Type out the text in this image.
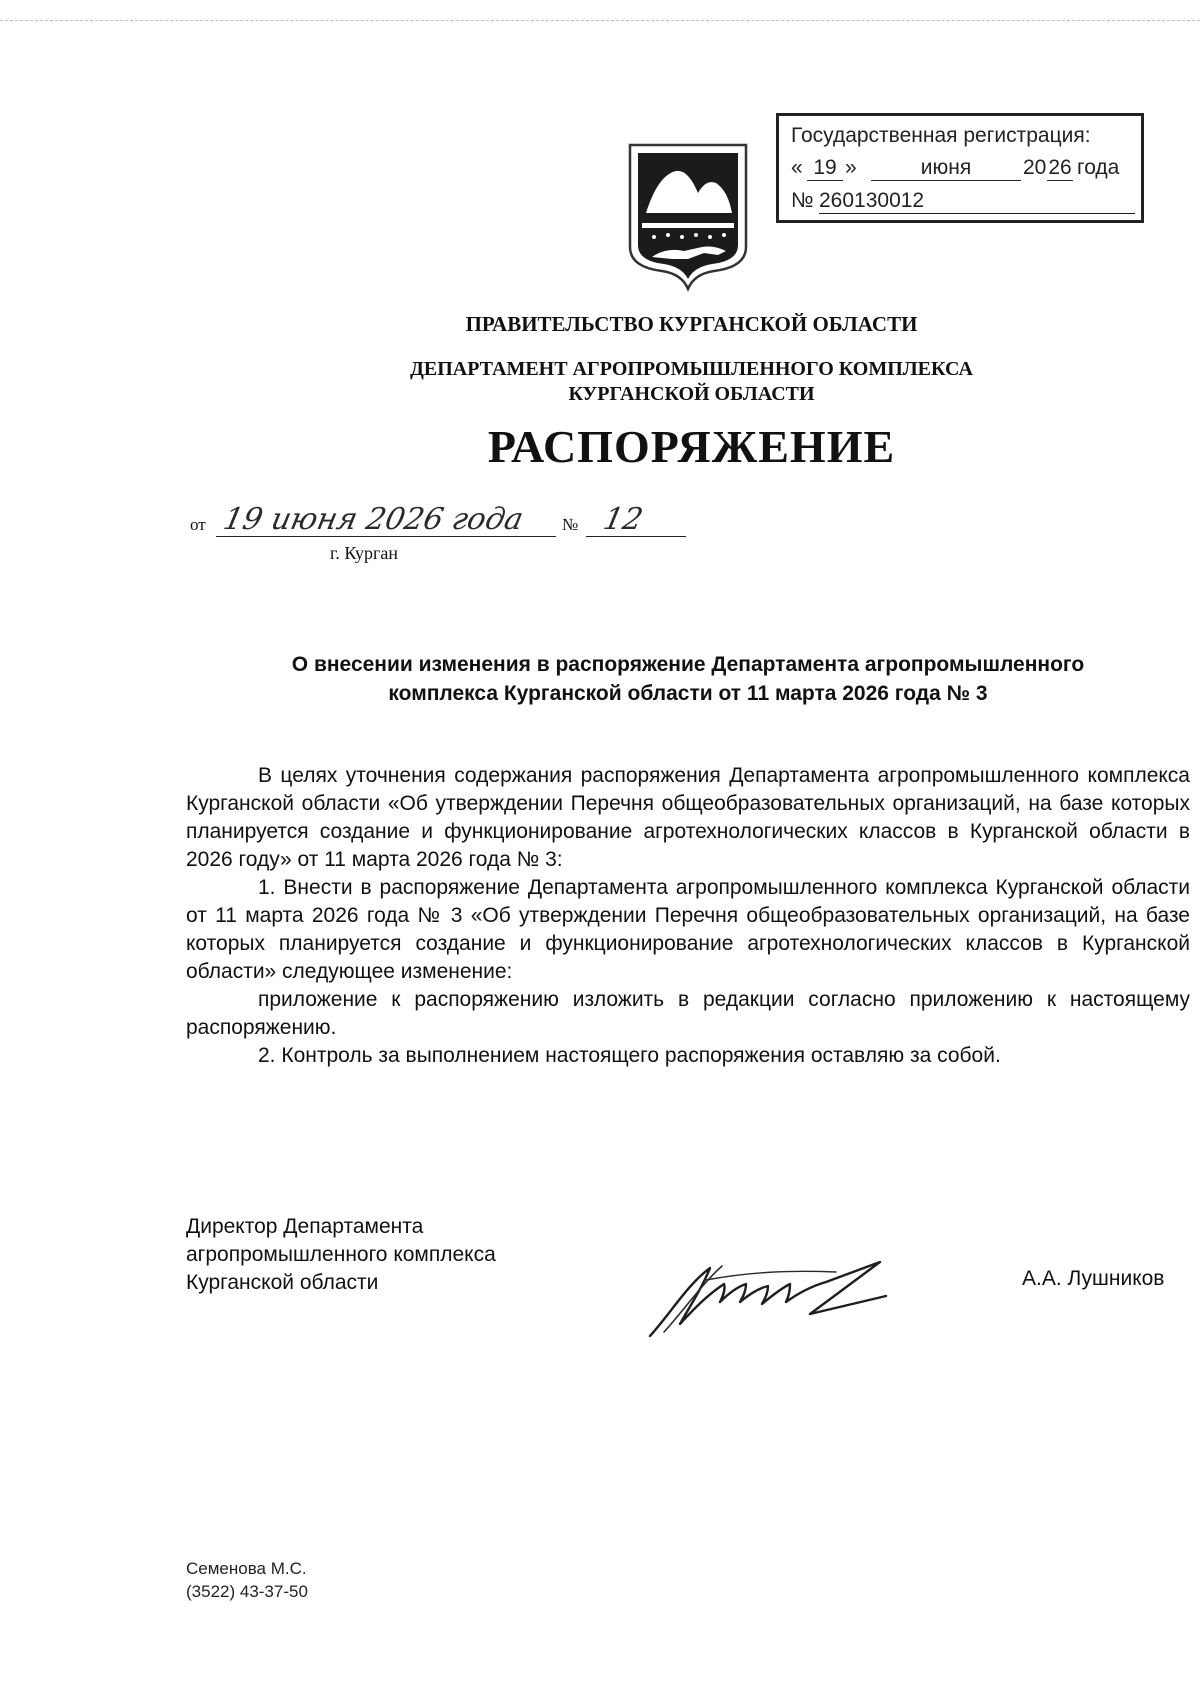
Государственная регистрация:
« 19 »	июня	20 26 года
№ 260130012
ПРАВИТЕЛЬСТВО КУРГАНСКОЙ ОБЛАСТИ
ДЕПАРТАМЕНТ АГРОПРОМЫШЛЕННОГО КОМПЛЕКСА
КУРГАНСКОЙ ОБЛАСТИ
РАСПОРЯЖЕНИЕ
от 19 июня 2026 года № 12
г. Курган
О внесении изменения в распоряжение Департамента агропромышленного
комплекса Курганской области от 11 марта 2026 года № 3

В целях уточнения содержания распоряжения Департамента агропромышленного комплекса Курганской области «Об утверждении Перечня общеобразовательных организаций, на базе которых планируется создание и функционирование агротехнологических классов в Курганской области в 2026 году» от 11 марта 2026 года № 3:

1. Внести в распоряжение Департамента агропромышленного комплекса Курганской области от 11 марта 2026 года № 3 «Об утверждении Перечня общеобразовательных организаций, на базе которых планируется создание и функционирование агротехнологических классов в Курганской области» следующее изменение:

приложение к распоряжению изложить в редакции согласно приложению к настоящему распоряжению.

2. Контроль за выполнением настоящего распоряжения оставляю за собой.

Директор Департамента
агропромышленного комплекса
Курганской области	А.А. Лушников
Семенова М.С.
(3522) 43-37-50
